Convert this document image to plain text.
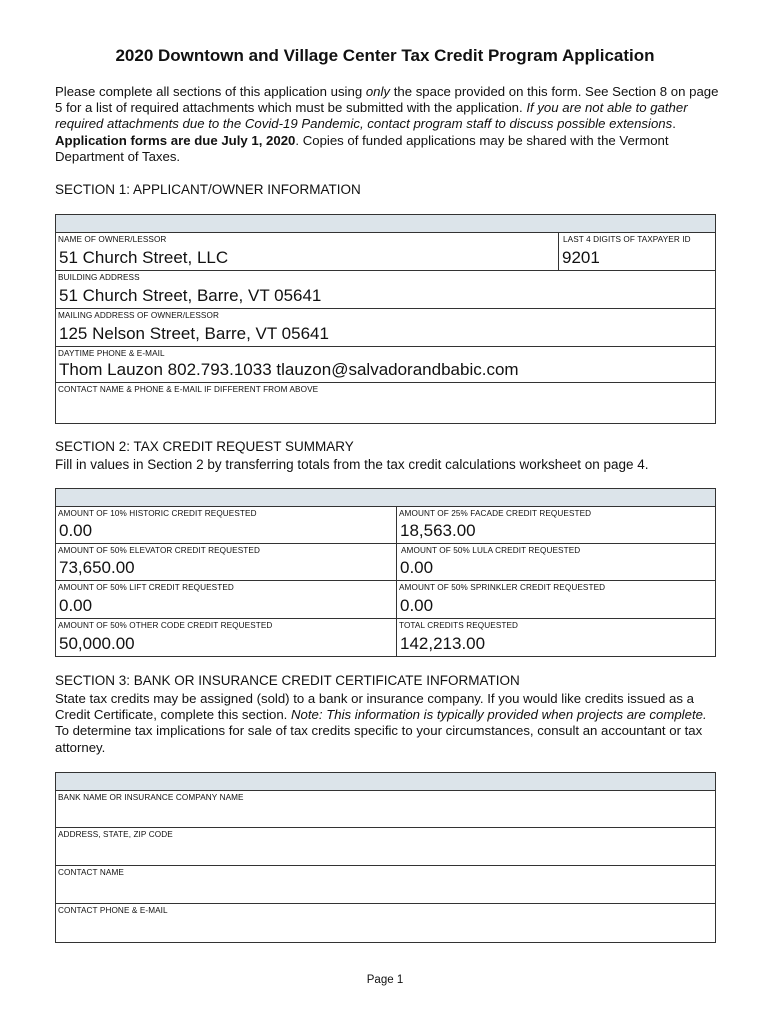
2020 Downtown and Village Center Tax Credit Program Application
Please complete all sections of this application using only the space provided on this form. See Section 8 on page 5 for a list of required attachments which must be submitted with the application. If you are not able to gather required attachments due to the Covid-19 Pandemic, contact program staff to discuss possible extensions. Application forms are due July 1, 2020. Copies of funded applications may be shared with the Vermont Department of Taxes.
SECTION 1: APPLICANT/OWNER INFORMATION
NAME OF OWNER/LESSOR
51 Church Street, LLC
LAST 4 DIGITS OF TAXPAYER ID
9201
BUILDING ADDRESS
51 Church Street, Barre, VT 05641
MAILING ADDRESS OF OWNER/LESSOR
125 Nelson Street, Barre, VT 05641
DAYTIME PHONE & E-MAIL
Thom Lauzon 802.793.1033 tlauzon@salvadorandbabic.com
CONTACT NAME & PHONE & E-MAIL IF DIFFERENT FROM ABOVE
SECTION 2: TAX CREDIT REQUEST SUMMARY
Fill in values in Section 2 by transferring totals from the tax credit calculations worksheet on page 4.
AMOUNT OF 10% HISTORIC CREDIT REQUESTED
0.00
AMOUNT OF 25% FACADE CREDIT REQUESTED
18,563.00
AMOUNT OF 50% ELEVATOR CREDIT REQUESTED
73,650.00
AMOUNT OF 50% LULA CREDIT REQUESTED
0.00
AMOUNT OF 50% LIFT CREDIT REQUESTED
0.00
AMOUNT OF 50% SPRINKLER CREDIT REQUESTED
0.00
AMOUNT OF 50% OTHER CODE CREDIT REQUESTED
50,000.00
TOTAL CREDITS REQUESTED
142,213.00
SECTION 3: BANK OR INSURANCE CREDIT CERTIFICATE INFORMATION
State tax credits may be assigned (sold) to a bank or insurance company. If you would like credits issued as a Credit Certificate, complete this section. Note: This information is typically provided when projects are complete. To determine tax implications for sale of tax credits specific to your circumstances, consult an accountant or tax attorney.
BANK NAME OR INSURANCE COMPANY NAME
ADDRESS, STATE, ZIP CODE
CONTACT NAME
CONTACT PHONE & E-MAIL
Page 1
